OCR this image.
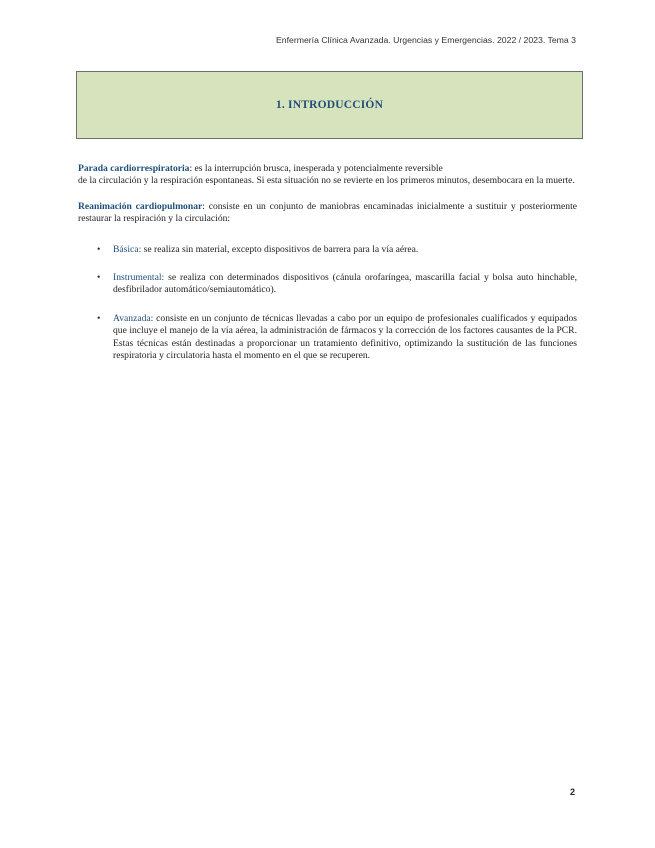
Enfermería Clínica Avanzada. Urgencias y Emergencias. 2022 / 2023. Tema 3
1. INTRODUCCIÓN

Parada cardiorrespiratoria: es la interrupción brusca, inesperada y potencialmente reversible
de la circulación y la respiración espontaneas. Si esta situación no se revierte en los primeros minutos, desembocara en la muerte.

Reanimación cardiopulmonar: consiste en un conjunto de maniobras encaminadas inicialmente a sustituir y posteriormente restaurar la respiración y la circulación:

• Básica: se realiza sin material, excepto dispositivos de barrera para la vía aérea.
• Instrumental: se realiza con determinados dispositivos (cánula orofaríngea, mascarilla facial y bolsa auto hinchable, desfibrilador automático/semiautomático).
• Avanzada: consiste en un conjunto de técnicas llevadas a cabo por un equipo de profesionales cualificados y equipados que incluye el manejo de la vía aérea, la administración de fármacos y la corrección de los factores causantes de la PCR. Estas técnicas están destinadas a proporcionar un tratamiento definitivo, optimizando la sustitución de las funciones respiratoria y circulatoria hasta el momento en el que se recuperen.
2
